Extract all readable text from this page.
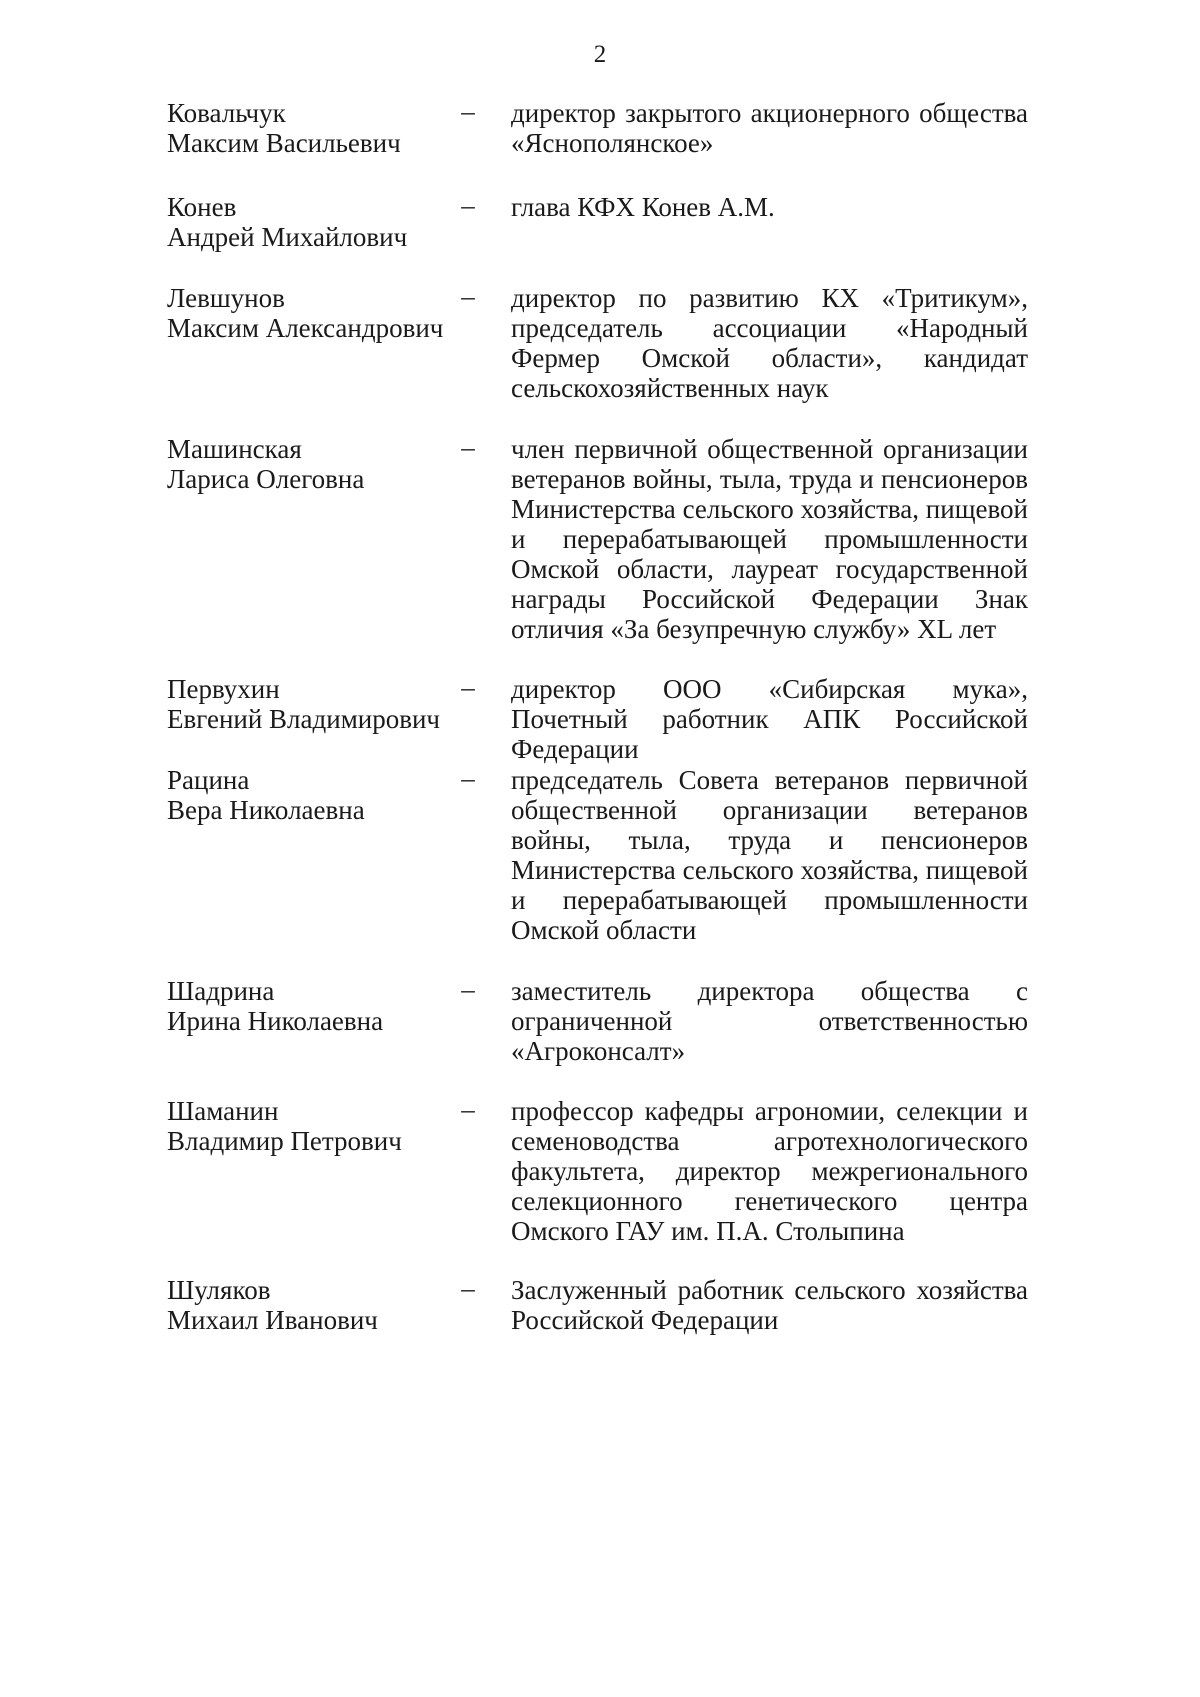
2
Ковальчук
Максим Васильевич
– директор закрытого акционерного общества «Яснополянское»
Конев
Андрей Михайлович
– глава КФХ Конев А.М.
Левшунов
Максим Александрович
– директор по развитию КХ «Тритикум», председатель ассоциации «Народный Фермер Омской области», кандидат сельскохозяйственных наук
Машинская
Лариса Олеговна
– член первичной общественной организации ветеранов войны, тыла, труда и пенсионеров Министерства сельского хозяйства, пищевой и перерабатывающей промышленности Омской области, лауреат государственной награды Российской Федерации Знак отличия «За безупречную службу» XL лет
Первухин
Евгений Владимирович
– директор ООО «Сибирская мука», Почетный работник АПК Российской Федерации
Рацина
Вера Николаевна
– председатель Совета ветеранов первичной общественной организации ветеранов войны, тыла, труда и пенсионеров Министерства сельского хозяйства, пищевой и перерабатывающей промышленности Омской области
Шадрина
Ирина Николаевна
– заместитель директора общества с ограниченной ответственностью «Агроконсалт»
Шаманин
Владимир Петрович
– профессор кафедры агрономии, селекции и семеноводства агротехнологического факультета, директор межрегионального селекционного генетического центра Омского ГАУ им. П.А. Столыпина
Шуляков
Михаил Иванович
– Заслуженный работник сельского хозяйства Российской Федерации
